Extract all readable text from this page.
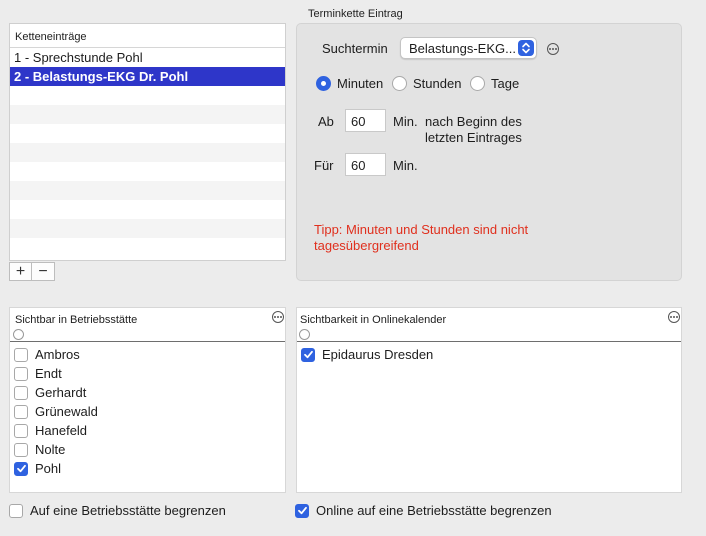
Ketteneinträge
1 - Sprechstunde Pohl
2 - Belastungs-EKG Dr. Pohl
+ −
Terminkette Eintrag
Suchtermin	Belastungs-EKG...
Minuten Stunden Tage
Ab	60	Min. nach Beginn des
letzten Eintrages
Für	60	Min.
Tipp: Minuten und Stunden sind nicht
tagesübergreifend
Sichtbar in Betriebsstätte
Ambros
Endt
Gerhardt
Grünewald
Hanefeld
Nolte
Pohl
Sichtbarkeit in Onlinekalender
Epidaurus Dresden
Auf eine Betriebsstätte begrenzen	Online auf eine Betriebsstätte begrenzen
